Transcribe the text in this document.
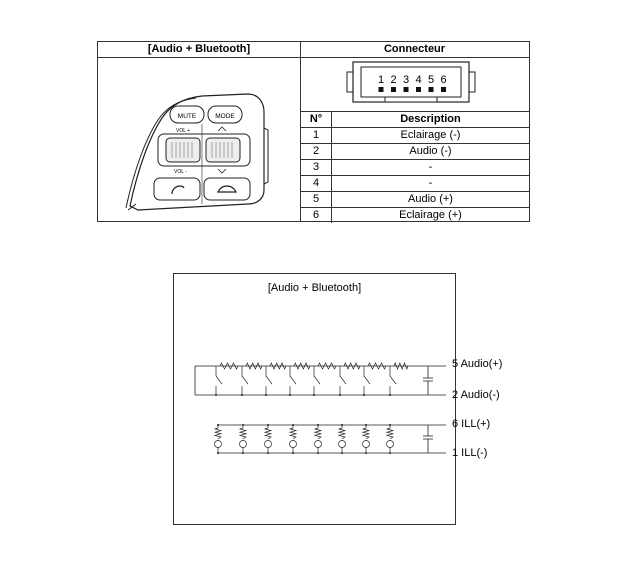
[Audio + Bluetooth]	Connecteur
MUTE	MODE
VOL +
VOL -
1 2 3 4 5 6
N°	Description
1	Eclairage (-)
2	Audio (-)
3	-
4	-
5	Audio (+)
6	Eclairage (+)
[Audio + Bluetooth]
5 Audio(+)
2 Audio(-)
6 ILL(+)
1 ILL(-)
